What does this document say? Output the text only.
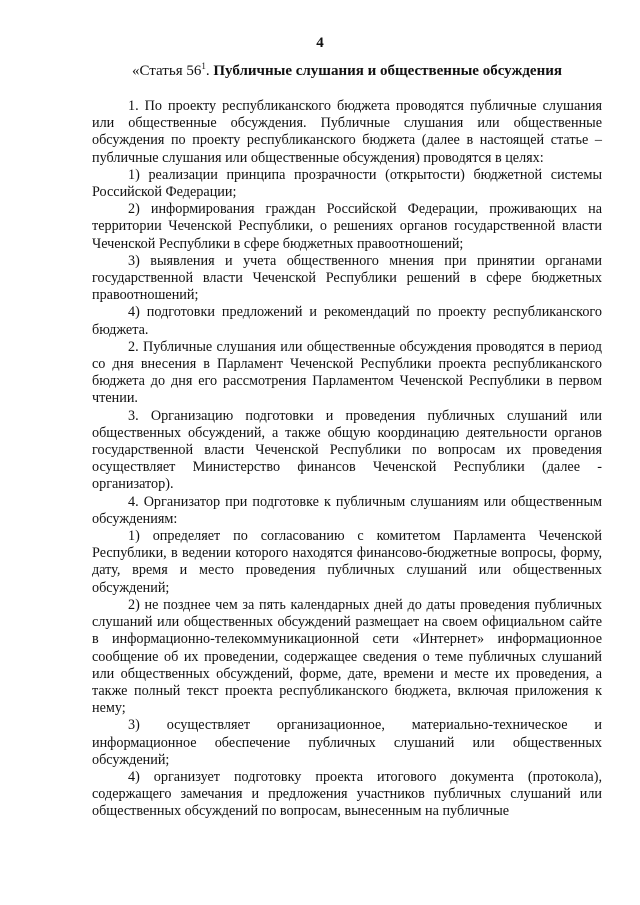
4
«Статья $56^1$. Публичные слушания и общественные обсуждения

1. По проекту республиканского бюджета проводятся публичные слушания или общественные обсуждения. Публичные слушания или общественные обсуждения по проекту республиканского бюджета (далее в настоящей статье – публичные слушания или общественные обсуждения) проводятся в целях:

1) реализации принципа прозрачности (открытости) бюджетной системы Российской Федерации;

2) информирования граждан Российской Федерации, проживающих на территории Чеченской Республики, о решениях органов государственной власти Чеченской Республики в сфере бюджетных правоотношений;

3) выявления и учета общественного мнения при принятии органами государственной власти Чеченской Республики решений в сфере бюджетных правоотношений;

4) подготовки предложений и рекомендаций по проекту республиканского бюджета.

2. Публичные слушания или общественные обсуждения проводятся в период со дня внесения в Парламент Чеченской Республики проекта республиканского бюджета до дня его рассмотрения Парламентом Чеченской Республики в первом чтении.

3. Организацию подготовки и проведения публичных слушаний или общественных обсуждений, а также общую координацию деятельности органов государственной власти Чеченской Республики по вопросам их проведения осуществляет Министерство финансов Чеченской Республики (далее - организатор).

4. Организатор при подготовке к публичным слушаниям или общественным обсуждениям:

1) определяет по согласованию с комитетом Парламента Чеченской Республики, в ведении которого находятся финансово-бюджетные вопросы, форму, дату, время и место проведения публичных слушаний или общественных обсуждений;

2) не позднее чем за пять календарных дней до даты проведения публичных слушаний или общественных обсуждений размещает на своем официальном сайте в информационно-телекоммуникационной сети «Интернет» информационное сообщение об их проведении, содержащее сведения о теме публичных слушаний или общественных обсуждений, форме, дате, времени и месте их проведения, а также полный текст проекта республиканского бюджета, включая приложения к нему;

3) осуществляет организационное, материально-техническое и информационное обеспечение публичных слушаний или общественных обсуждений;

4) организует подготовку проекта итогового документа (протокола), содержащего замечания и предложения участников публичных слушаний или общественных обсуждений по вопросам, вынесенным на публичные
